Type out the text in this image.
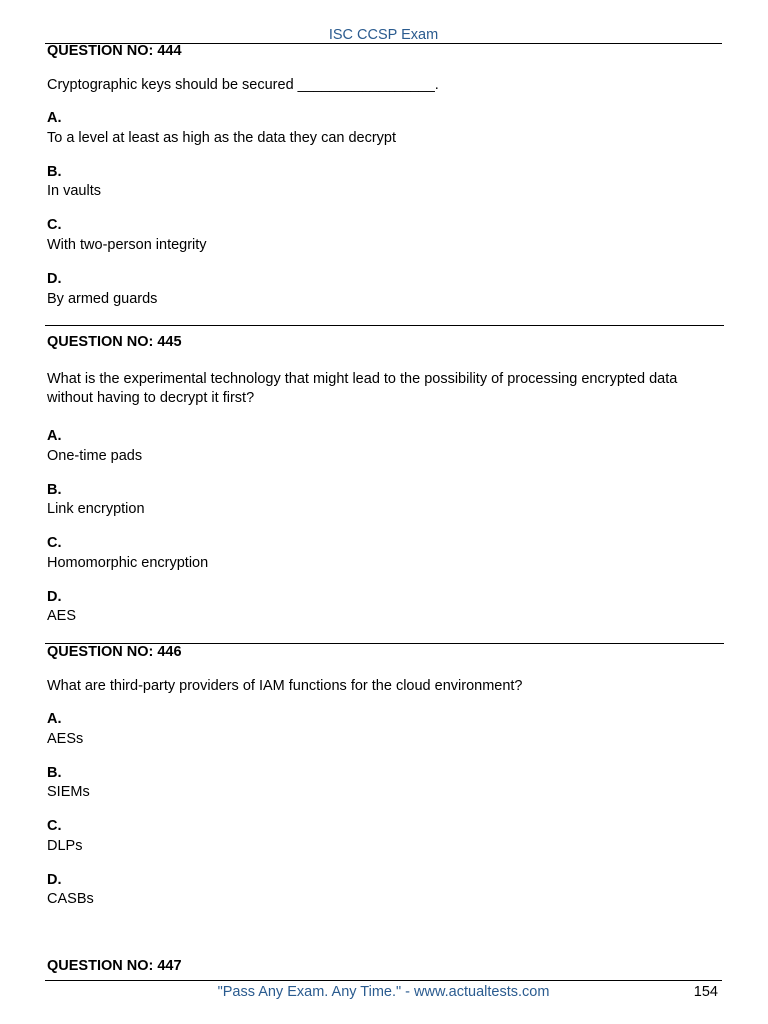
ISC CCSP Exam
QUESTION NO: 444
Cryptographic keys should be secured _________________.
A.
To a level at least as high as the data they can decrypt
B.
In vaults
C.
With two-person integrity
D.
By armed guards
QUESTION NO: 445
What is the experimental technology that might lead to the possibility of processing encrypted data without having to decrypt it first?
A.
One-time pads
B.
Link encryption
C.
Homomorphic encryption
D.
AES
QUESTION NO: 446
What are third-party providers of IAM functions for the cloud environment?
A.
AESs
B.
SIEMs
C.
DLPs
D.
CASBs
QUESTION NO: 447
"Pass Any Exam. Any Time." - www.actualtests.com	154
